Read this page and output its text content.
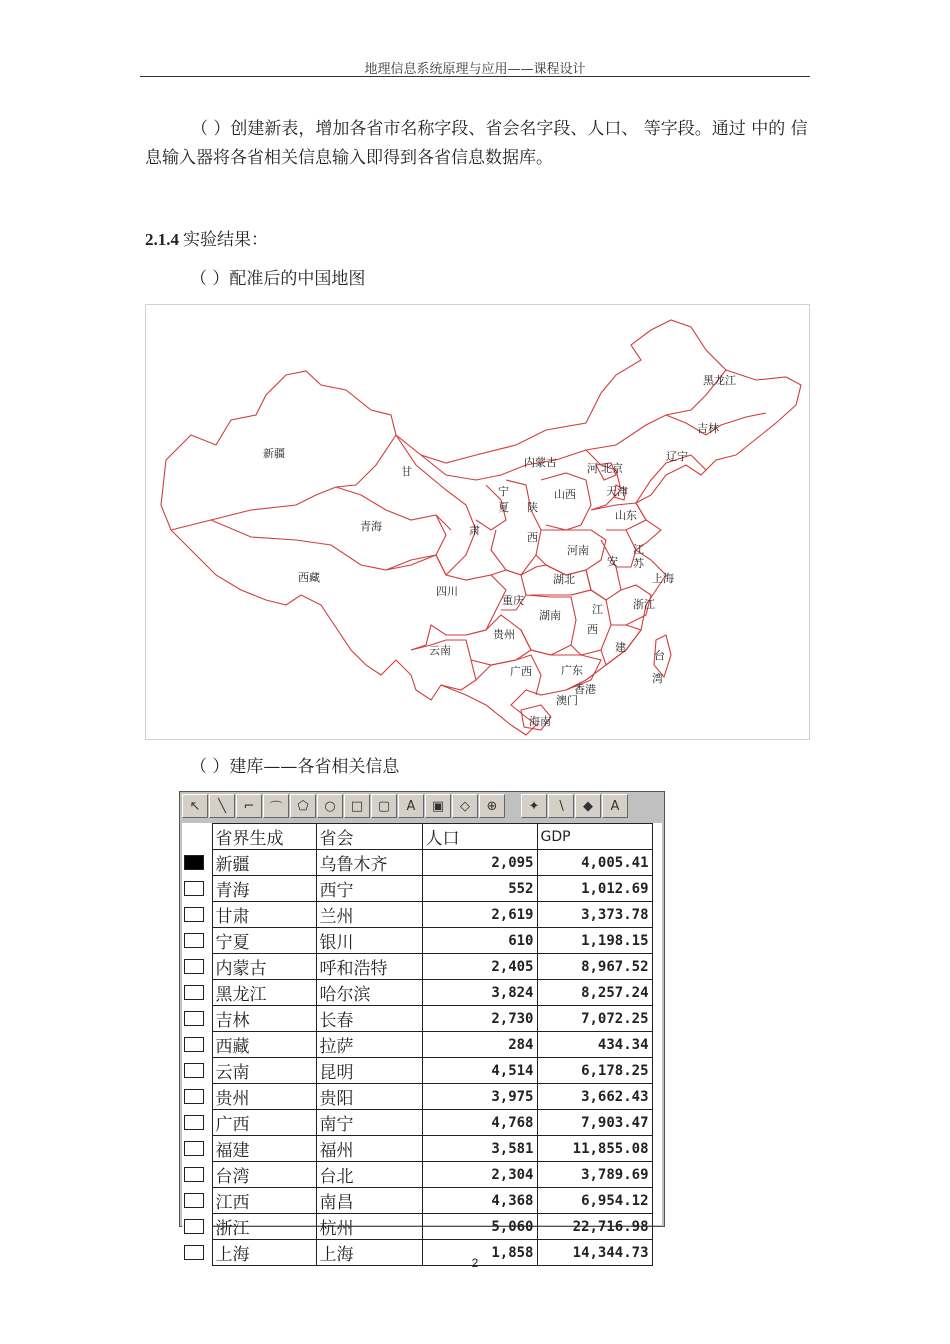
地理信息系统原理与应用——课程设计

（ ）创建新表，增加各省市名称字段、省会名字段、人口、 等字段。通过 中的 信息输入器将各省相关信息输入即得到各省信息数据库。

2.1.4 实验结果：
（ ）配准后的中国地图
新疆
青海
西藏
甘
肃
内蒙古
宁
夏 陕
西
山西
河 北京
天津
黑龙江
吉林
辽宁
山东
河南	江
苏
安
上海
湖北
四川
重庆
湖南	江
西
浙江
贵州
云南	建
广西	广东
香港
澳门
海南
台
湾
（ ）建库——各省相关信息
↖ ╲ ⌐ ⌒ ⬠ ○ □ ▢ A ▣ ◇ ⊕ ✦ ∖ ◆ A
	省界生成	省会	人口	GDP

	新疆	乌鲁木齐	2,095	4,005.41

	青海	西宁	552	1,012.69

	甘肃	兰州	2,619	3,373.78

	宁夏	银川	610	1,198.15

	内蒙古	呼和浩特	2,405	8,967.52

	黑龙江	哈尔滨	3,824	8,257.24

	吉林	长春	2,730	7,072.25

	西藏	拉萨	284	434.34

	云南	昆明	4,514	6,178.25

	贵州	贵阳	3,975	3,662.43

	广西	南宁	4,768	7,903.47

	福建	福州	3,581	11,855.08

	台湾	台北	2,304	3,789.69

	江西	南昌	4,368	6,954.12

	浙江	杭州	5,060	22,716.98

	上海	上海	1,858	14,344.73
2
